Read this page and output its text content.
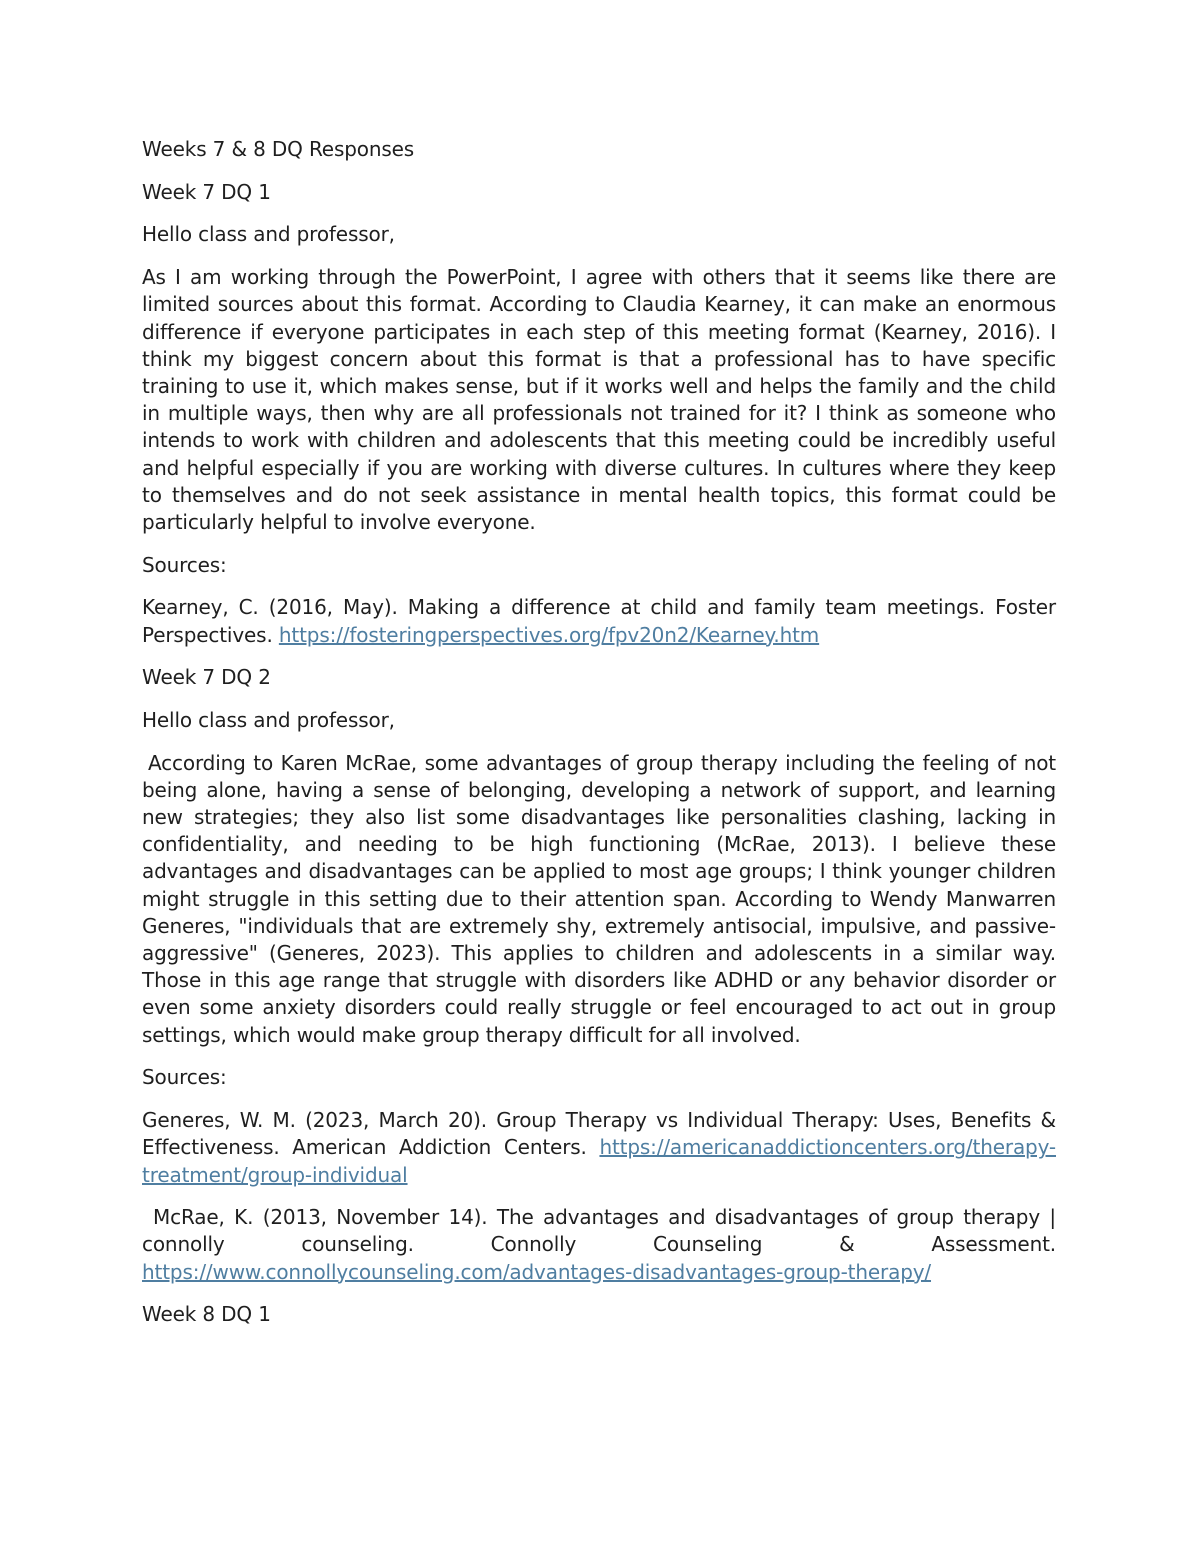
Weeks 7 & 8 DQ Responses

Week 7 DQ 1

Hello class and professor,

As I am working through the PowerPoint, I agree with others that it seems like there are limited sources about this format. According to Claudia Kearney, it can make an enormous difference if everyone participates in each step of this meeting format (Kearney, 2016). I think my biggest concern about this format is that a professional has to have specific training to use it, which makes sense, but if it works well and helps the family and the child in multiple ways, then why are all professionals not trained for it? I think as someone who intends to work with children and adolescents that this meeting could be incredibly useful and helpful especially if you are working with diverse cultures. In cultures where they keep to themselves and do not seek assistance in mental health topics, this format could be particularly helpful to involve everyone.

Sources:

Kearney, C. (2016, May). Making a difference at child and family team meetings. Foster Perspectives. https://fosteringperspectives.org/fpv20n2/Kearney.htm

Week 7 DQ 2

Hello class and professor,

According to Karen McRae, some advantages of group therapy including the feeling of not being alone, having a sense of belonging, developing a network of support, and learning new strategies; they also list some disadvantages like personalities clashing, lacking in confidentiality, and needing to be high functioning (McRae, 2013). I believe these advantages and disadvantages can be applied to most age groups; I think younger children might struggle in this setting due to their attention span. According to Wendy Manwarren Generes, "individuals that are extremely shy, extremely antisocial, impulsive, and passive-aggressive" (Generes, 2023). This applies to children and adolescents in a similar way. Those in this age range that struggle with disorders like ADHD or any behavior disorder or even some anxiety disorders could really struggle or feel encouraged to act out in group settings, which would make group therapy difficult for all involved.

Sources:

Generes, W. M. (2023, March 20). Group Therapy vs Individual Therapy: Uses, Benefits & Effectiveness. American Addiction Centers. https://americanaddictioncenters.org/therapy-treatment/group-individual

McRae, K. (2013, November 14). The advantages and disadvantages of group therapy | connolly counseling. Connolly Counseling & Assessment. https://www.connollycounseling.com/advantages-disadvantages-group-therapy/

Week 8 DQ 1
